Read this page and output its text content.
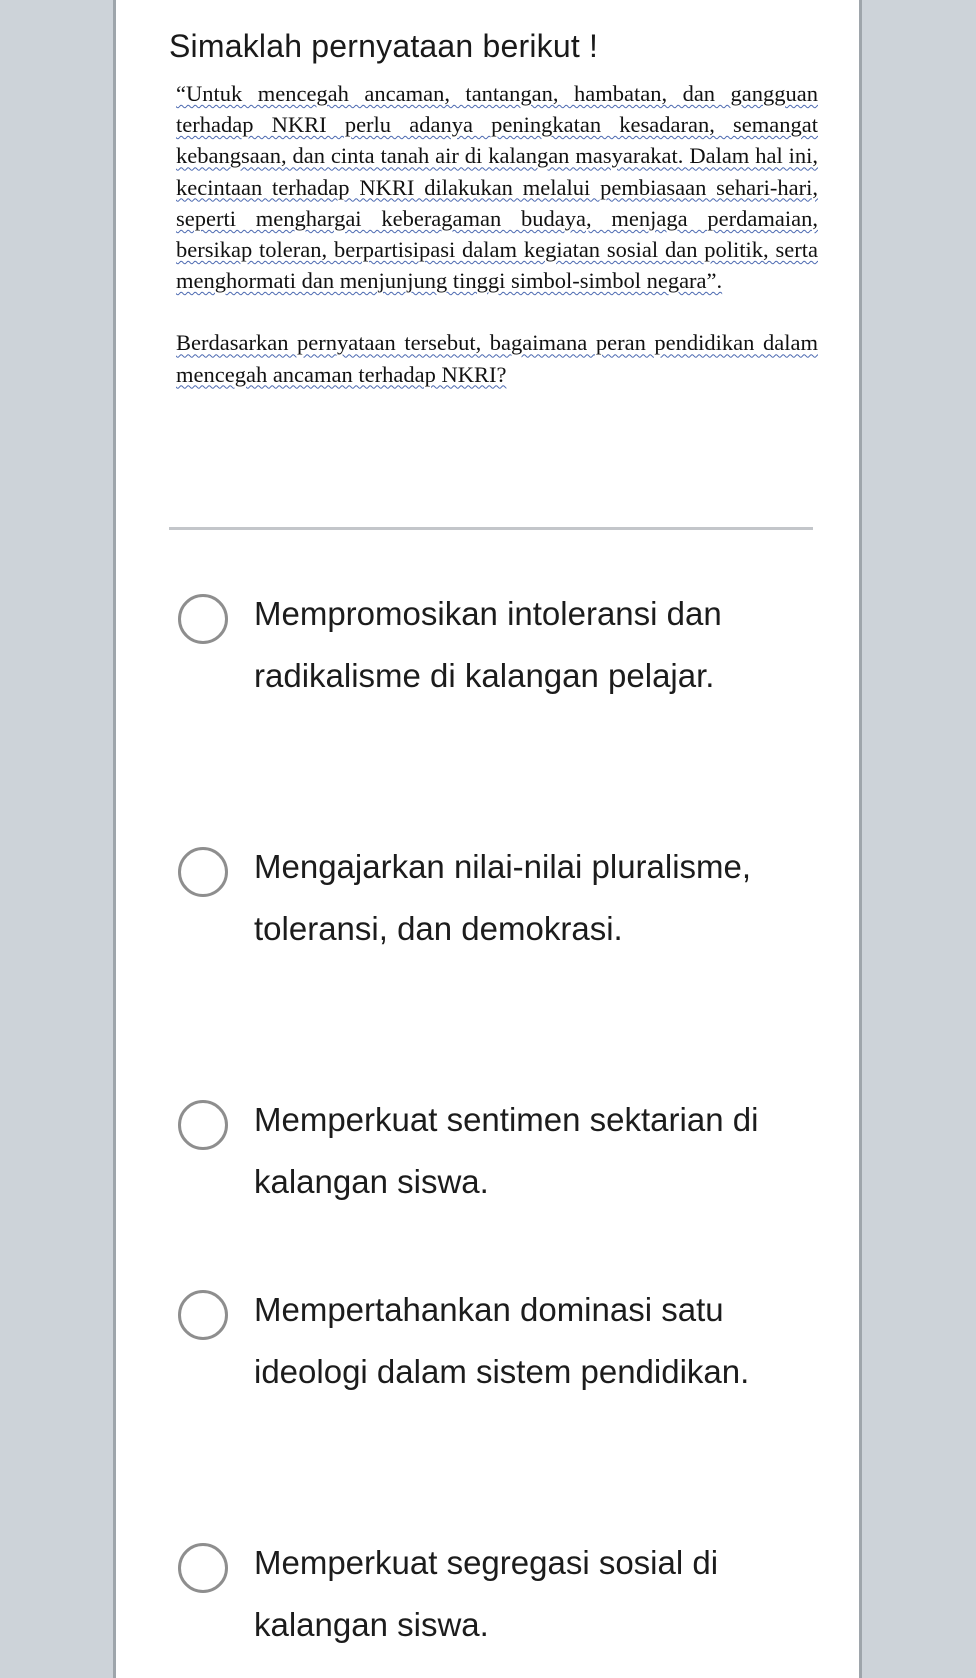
Simaklah pernyataan berikut !

“Untuk mencegah ancaman, tantangan, hambatan, dan gangguan terhadap NKRI perlu adanya peningkatan kesadaran, semangat kebangsaan, dan cinta tanah air di kalangan masyarakat. Dalam hal ini, kecintaan terhadap NKRI dilakukan melalui pembiasaan sehari-hari, seperti menghargai keberagaman budaya, menjaga perdamaian, bersikap toleran, berpartisipasi dalam kegiatan sosial dan politik, serta menghormati dan menjunjung tinggi simbol-simbol negara”.

Berdasarkan pernyataan tersebut, bagaimana peran pendidikan dalam mencegah ancaman terhadap NKRI?

Mempromosikan intoleransi dan radikalisme di kalangan pelajar.
Mengajarkan nilai-nilai pluralisme, toleransi, dan demokrasi.
Memperkuat sentimen sektarian di kalangan siswa.
Mempertahankan dominasi satu ideologi dalam sistem pendidikan.
Memperkuat segregasi sosial di kalangan siswa.
